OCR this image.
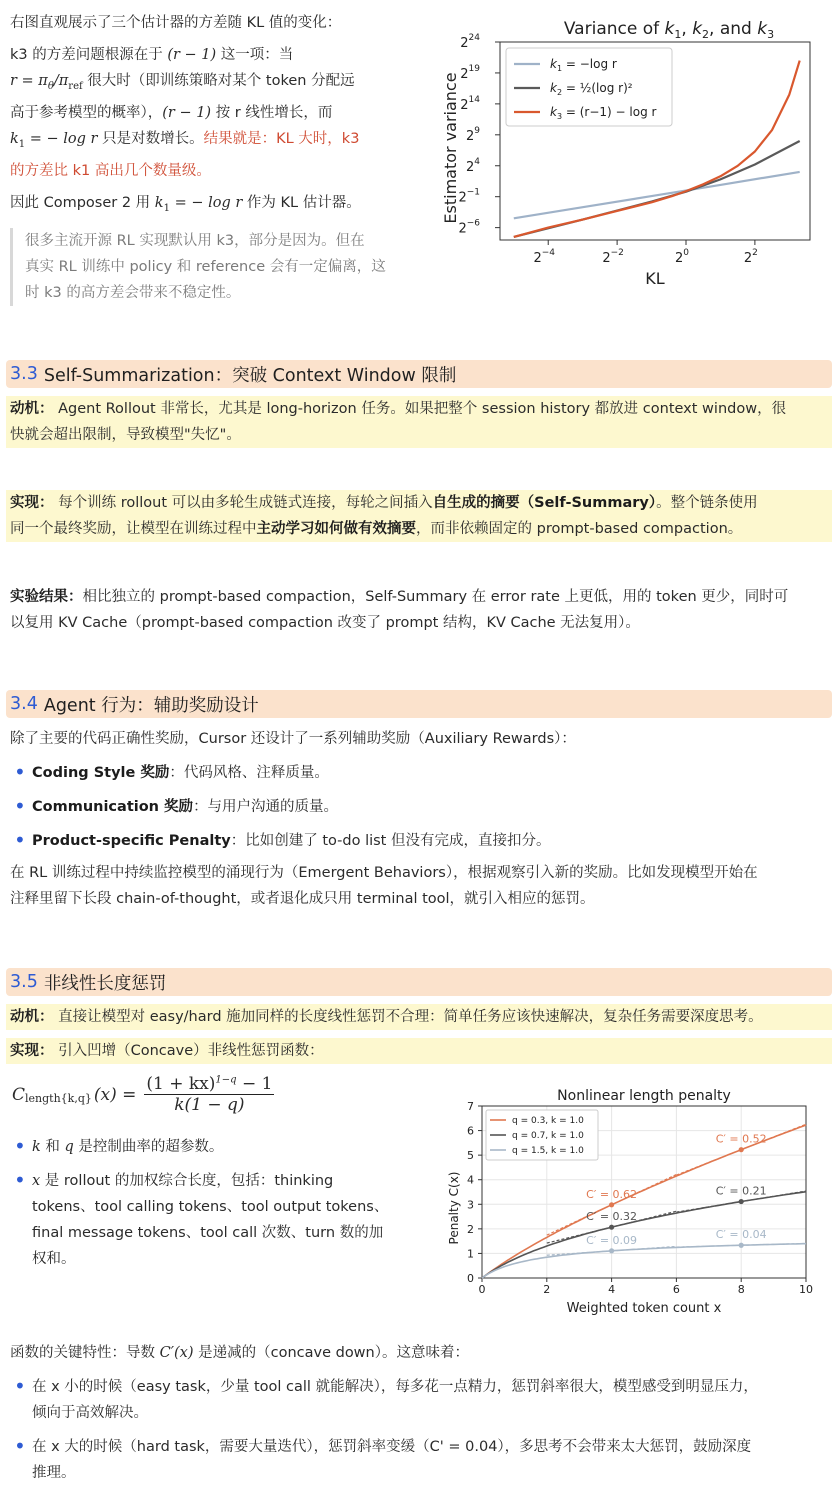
右图直观展示了三个估计器的方差随 KL 值的变化：
k3 的方差问题根源在于 (r − 1) 这一项：当
$r = \pi_\theta/\pi_{ref}$ 很大时（即训练策略对某个 token 分配远
高于参考模型的概率），(r − 1) 按 r 线性增长，而
$k_1$ = − log r 只是对数增长。结果就是：KL 大时，k3
的方差比 k1 高出几个数量级。
因此 Composer 2 用 $k_1$ = − log r 作为 KL 估计器。
很多主流开源 RL 实现默认用 k3，部分是因为。但在
真实 RL 训练中 policy 和 reference 会有一定偏离，这
时 k3 的高方差会带来不稳定性。
Variance of $k_1$, $k_2$, and $k_3$
Estimator variance
KL
$2^{-4}$	$2^{-2}$	$2^0$	$2^2$
$2^{-6}$
$2^{-1}$
$2^4$
$2^9$
$2^{14}$
$2^{19}$
$2^{24}$
$k_1 = -\log$ r
$k_2$ = ½(log r)²
$k_3 = (r-1) - \log r$
3.3 Self-Summarization：突破 Context Window 限制
动机： Agent Rollout 非常长，尤其是 long-horizon 任务。如果把整个 session history 都放进 context window，很
快就会超出限制，导致模型"失忆"。
实现： 每个训练 rollout 可以由多轮生成链式连接，每轮之间插入自生成的摘要（Self-Summary）。整个链条使用
同一个最终奖励，让模型在训练过程中主动学习如何做有效摘要，而非依赖固定的 prompt-based compaction。
实验结果：相比独立的 prompt-based compaction，Self-Summary 在 error rate 上更低，用的 token 更少，同时可
以复用 KV Cache（prompt-based compaction 改变了 prompt 结构，KV Cache 无法复用）。
3.4 Agent 行为：辅助奖励设计
除了主要的代码正确性奖励，Cursor 还设计了一系列辅助奖励（Auxiliary Rewards）：
• Coding Style 奖励：代码风格、注释质量。
• Communication 奖励：与用户沟通的质量。
• Product-specific Penalty：比如创建了 to-do list 但没有完成，直接扣分。
在 RL 训练过程中持续监控模型的涌现行为（Emergent Behaviors），根据观察引入新的奖励。比如发现模型开始在
注释里留下长段 chain-of-thought，或者退化成只用 terminal tool，就引入相应的惩罚。
3.5 非线性长度惩罚
动机： 直接让模型对 easy/hard 施加同样的长度线性惩罚不合理：简单任务应该快速解决，复杂任务需要深度思考。
实现： 引入凹增（Concave）非线性惩罚函数：
$C_{length\{k,q\}}$ $(x) = \frac{(1 + kx)^{1-q} - 1}{k(1 - q)}$
• k 和 q 是控制曲率的超参数。
• x 是 rollout 的加权综合长度，包括：thinking
tokens、tool calling tokens、tool output tokens、
final message tokens、tool call 次数、turn 数的加
权和。
Nonlinear length penalty
Penalty C(x)
Weighted token count x
0	2	4	6	8	10
0
1
2
3
4
5
6
7
C′ = 0.62
C′ = 0.52
C′ = 0.32
C′ = 0.21
C′ = 0.09	C′ = 0.04
q = 0.3, k = 1.0
q = 0.7, k = 1.0
q = 1.5, k = 1.0
函数的关键特性：导数 C′(x) 是递减的（concave down）。这意味着：
• 在 x 小的时候（easy task，少量 tool call 就能解决），每多花一点精力，惩罚斜率很大，模型感受到明显压力，
倾向于高效解决。
• 在 x 大的时候（hard task，需要大量迭代），惩罚斜率变缓（C' = 0.04），多思考不会带来太大惩罚，鼓励深度
推理。
